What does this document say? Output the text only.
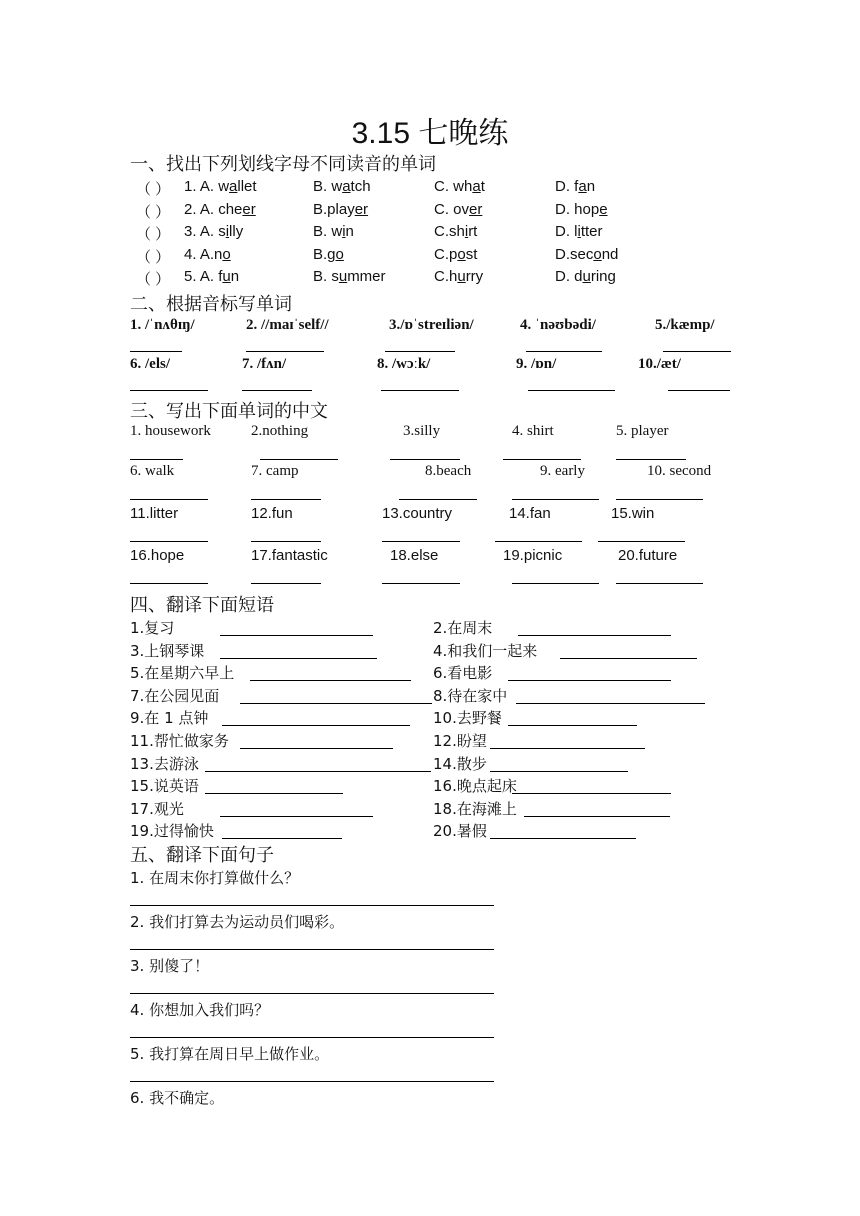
3.15 七晚练
一、找出下列划线字母不同读音的单词
（ ） 1. A. wallet	B. watch	C. what	D. fan
（ ） 2. A. cheer	B.player	C. over	D. hope
（ ） 3. A. silly	B. win	C.shirt	D. litter
（ ） 4. A.no	B.go	C.post	D.second
（ ） 5. A. fun	B. summer	C.hurry	D. during
二、根据音标写单词
1. /ˈnʌθɪŋ/	2. //maɪˈself//	3./ɒˈstreɪliən/	4. ˈnəʊbədi/	5./kæmp/
6. /els/	7. /fʌn/	8. /wɔːk/	9. /ɒn/	10./æt/
三、写出下面单词的中文
1. housework	2.nothing	3.silly	4. shirt	5. player
6. walk	7. camp	8.beach	9. early	10. second
11.litter	12.fun	13.country	14.fan	15.win
16.hope	17.fantastic	18.else	19.picnic	20.future
四、翻译下面短语
1.复习	2.在周末
3.上钢琴课	4.和我们一起来
5.在星期六早上	6.看电影
7.在公园见面	8.待在家中
9.在 1 点钟	10.去野餐
11.帮忙做家务	12.盼望
13.去游泳	14.散步
15.说英语	16.晚点起床
17.观光	18.在海滩上
19.过得愉快	20.暑假
五、翻译下面句子
1. 在周末你打算做什么？
2. 我们打算去为运动员们喝彩。
3. 别傻了！
4. 你想加入我们吗？
5. 我打算在周日早上做作业。
6. 我不确定。
